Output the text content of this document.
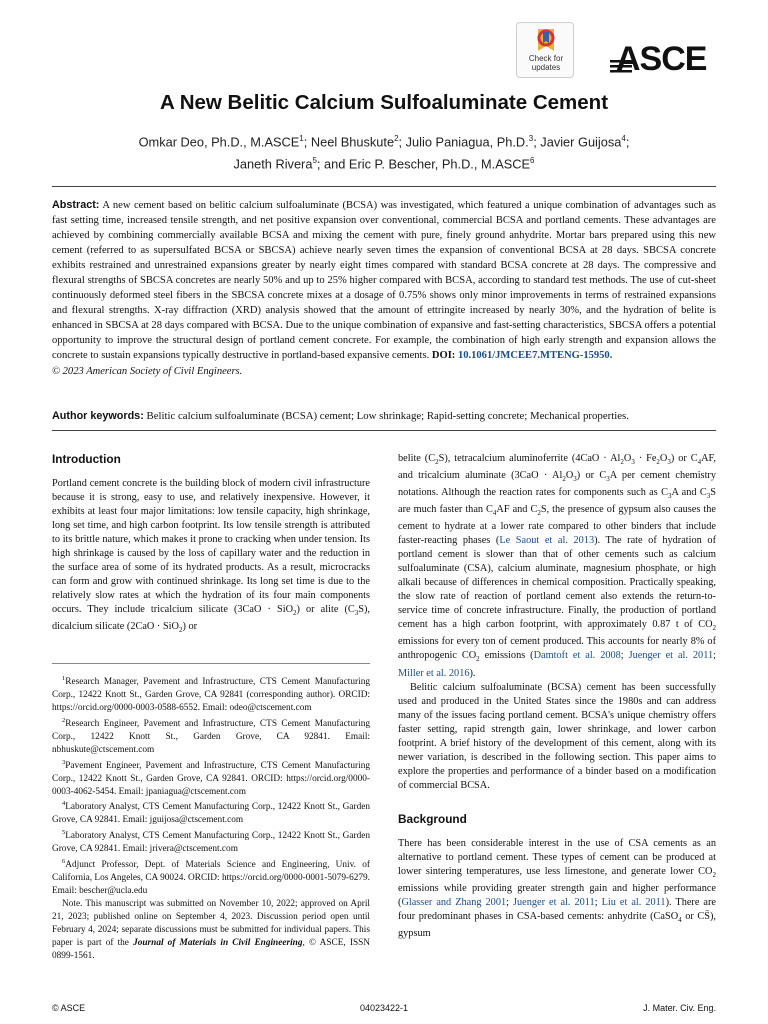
Check for
updates	ASCE
A New Belitic Calcium Sulfoaluminate Cement
Omkar Deo, Ph.D., M.ASCE$^1$; Neel Bhuskute$^2$; Julio Paniagua, Ph.D.$^3$; Javier Guijosa$^4$;
Janeth Rivera$^5$; and Eric P. Bescher, Ph.D., M.ASCE$^6$
Abstract: A new cement based on belitic calcium sulfoaluminate (BCSA) was investigated, which featured a unique combination of advantages such as fast setting time, increased tensile strength, and net positive expansion over conventional, commercial BCSA and portland cements. These advantages are achieved by combining commercially available BCSA and mixing the cement with pure, finely ground anhydrite. Mortar bars prepared using this new cement (referred to as supersulfated BCSA or SBCSA) achieve nearly seven times the expansion of conventional BCSA at 28 days. SBCSA concrete exhibits restrained and unrestrained expansions greater by nearly eight times compared with standard BCSA concrete at 28 days. The compressive and flexural strengths of SBCSA concretes are nearly 50% and up to 25% higher compared with BCSA, according to standard test methods. The use of cut-sheet continuously deformed steel fibers in the SBCSA concrete mixes at a dosage of 0.75% shows only minor improvements in terms of restrained expansions and flexural strengths. X-ray diffraction (XRD) analysis showed that the amount of ettringite increased by nearly 30%, and the hydration of belite is enhanced in SBCSA at 28 days compared with BCSA. Due to the unique combination of expansive and fast-setting characteristics, SBCSA offers a potential opportunity to improve the structural design of portland cement concrete. For example, the combination of high early strength and expansion allows the concrete to sustain expansions typically destructive in portland-based expansive cements. DOI: 10.1061/JMCEE7.MTENG-15950.
© 2023 American Society of Civil Engineers.
Author keywords: Belitic calcium sulfoaluminate (BCSA) cement; Low shrinkage; Rapid-setting concrete; Mechanical properties.
Introduction

Portland cement concrete is the building block of modern civil infrastructure because it is strong, easy to use, and relatively inexpensive. However, it exhibits at least four major limitations: low tensile capacity, high shrinkage, long set time, and high carbon footprint. Its low tensile strength is attributed to its brittle nature, which makes it prone to cracking when under tension. Its high shrinkage is caused by the loss of capillary water and the reduction in the surface area of some of its hydrated products. As a result, microcracks can form and grow with continued shrinkage. Its long set time is due to the relatively slow rates at which the hydration of its four main components occurs. They include tricalcium silicate (3CaO · SiO$_2$) or alite $(C_3S)$, dicalcium silicate (2CaO · SiO$_2$) or

$^1$Research Manager, Pavement and Infrastructure, CTS Cement Manufacturing Corp., 12422 Knott St., Garden Grove, CA 92841 (corresponding author). ORCID: https://orcid.org/0000-0003-0588-6552. Email: odeo@ctscement.com

$^2$Research Engineer, Pavement and Infrastructure, CTS Cement Manufacturing Corp., 12422 Knott St., Garden Grove, CA 92841. Email: nbhuskute@ctscement.com

$^3$Pavement Engineer, Pavement and Infrastructure, CTS Cement Manufacturing Corp., 12422 Knott St., Garden Grove, CA 92841. ORCID: https://orcid.org/0000-0003-4062-5454. Email: jpaniagua@ctscement.com

$^4$Laboratory Analyst, CTS Cement Manufacturing Corp., 12422 Knott St., Garden Grove, CA 92841. Email: jguijosa@ctscement.com

$^5$Laboratory Analyst, CTS Cement Manufacturing Corp., 12422 Knott St., Garden Grove, CA 92841. Email: jrivera@ctscement.com

$^6$Adjunct Professor, Dept. of Materials Science and Engineering, Univ. of California, Los Angeles, CA 90024. ORCID: https://orcid.org/0000-0001-5079-6279. Email: bescher@ucla.edu

Note. This manuscript was submitted on November 10, 2022; approved on April 21, 2023; published online on September 4, 2023. Discussion period open until February 4, 2024; separate discussions must be submitted for individual papers. This paper is part of the Journal of Materials in Civil Engineering, © ASCE, ISSN 0899-1561.

belite $(C_2S)$, tetracalcium aluminoferrite $(4CaO \cdot Al_2O_3 \cdot Fe_2O_3)$ or $C_4AF$, and tricalcium aluminate $(3CaO \cdot Al_2O_3)$ or $C_3A$ per cement chemistry notations. Although the reaction rates for components such as $C_3A$ and $C_3S$ are much faster than $C_4AF$ and $C_2S$, the presence of gypsum also causes the cement to hydrate at a lower rate compared to other binders that include faster-reacting phases (Le Saout et al. 2013). The rate of hydration of portland cement is slower than that of other cements such as calcium sulfoaluminate (CSA), calcium aluminate, magnesium phosphate, or high alkali because of differences in chemical composition. Practically speaking, the slow rate of reaction of portland cement also extends the return-to-service time of concrete infrastructure. Finally, the production of portland cement has a high carbon footprint, with approximately 0.87 t of $CO_2$ emissions for every ton of cement produced. This accounts for nearly 8% of anthropogenic $CO_2$ emissions (Damtoft et al. 2008; Juenger et al. 2011; Miller et al. 2016).

Belitic calcium sulfoaluminate (BCSA) cement has been successfully used and produced in the United States since the 1980s and can address many of the issues facing portland cement. BCSA's unique chemistry offers faster setting, rapid strength gain, lower shrinkage, and lower carbon footprint. A brief history of the development of this cement, along with its newer variation, is described in the following section. This paper aims to explore the properties and performance of a binder based on a modification of commercial BCSA.

Background

There has been considerable interest in the use of CSA cements as an alternative to portland cement. These types of cement can be produced at lower sintering temperatures, use less limestone, and generate lower $CO_2$ emissions while providing greater strength gain and higher performance (Glasser and Zhang 2001; Juenger et al. 2011; Liu et al. 2011). There are four predominant phases in CSA-based cements: anhydrite (CaSO$_4$ or CS̄), gypsum

© ASCE	04023422-1	J. Mater. Civ. Eng.
